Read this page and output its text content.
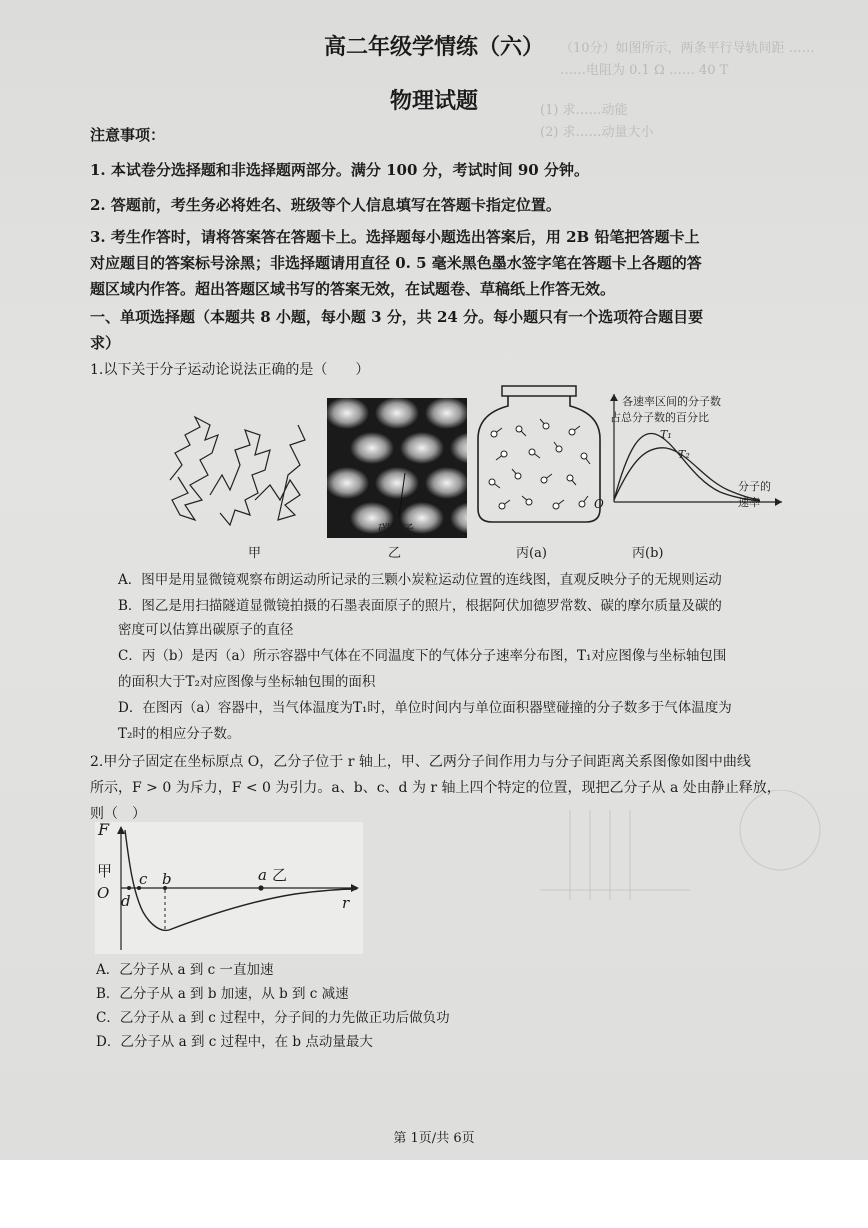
（10分）如图所示，两条平行导轨间距 ……
……电阻为 0.1 Ω …… 40 T
(1) 求……动能
(2) 求……动量大小
高二年级学情练（六）
物理试题
注意事项：
1. 本试卷分选择题和非选择题两部分。满分 100 分，考试时间 90 分钟。
2. 答题前，考生务必将姓名、班级等个人信息填写在答题卡指定位置。
3. 考生作答时，请将答案答在答题卡上。选择题每小题选出答案后，用 2B 铅笔把答题卡上
对应题目的答案标号涂黑；非选择题请用直径 0. 5 毫米黑色墨水签字笔在答题卡上各题的答
题区域内作答。超出答题区域书写的答案无效，在试题卷、草稿纸上作答无效。
一、单项选择题（本题共 8 小题，每小题 3 分，共 24 分。每小题只有一个选项符合题目要
求）
1.以下关于分子运动论说法正确的是（　　）
甲
碳原子
乙	丙(a)
各速率区间的分子数
占总分子数的百分比
T₁
T₂
分子的
速率
O
丙(b)
A．图甲是用显微镜观察布朗运动所记录的三颗小炭粒运动位置的连线图，直观反映分子的无规则运动
B．图乙是用扫描隧道显微镜拍摄的石墨表面原子的照片，根据阿伏加德罗常数、碳的摩尔质量及碳的
密度可以估算出碳原子的直径
C．丙（b）是丙（a）所示容器中气体在不同温度下的气体分子速率分布图，T₁对应图像与坐标轴包围
的面积大于T₂对应图像与坐标轴包围的面积
D．在图丙（a）容器中，当气体温度为T₁时，单位时间内与单位面积器壁碰撞的分子数多于气体温度为
T₂时的相应分子数。
2.甲分子固定在坐标原点 O，乙分子位于 r 轴上，甲、乙两分子间作用力与分子间距离关系图像如图中曲线
所示，F > 0 为斥力，F < 0 为引力。a、b、c、d 为 r 轴上四个特定的位置，现把乙分子从 a 处由静止释放，
则（　）
F
甲
O
c b	a 乙
d	r
A．乙分子从 a 到 c 一直加速
B．乙分子从 a 到 b 加速，从 b 到 c 减速
C．乙分子从 a 到 c 过程中，分子间的力先做正功后做负功
D．乙分子从 a 到 c 过程中，在 b 点动量最大
第 1页/共 6页
